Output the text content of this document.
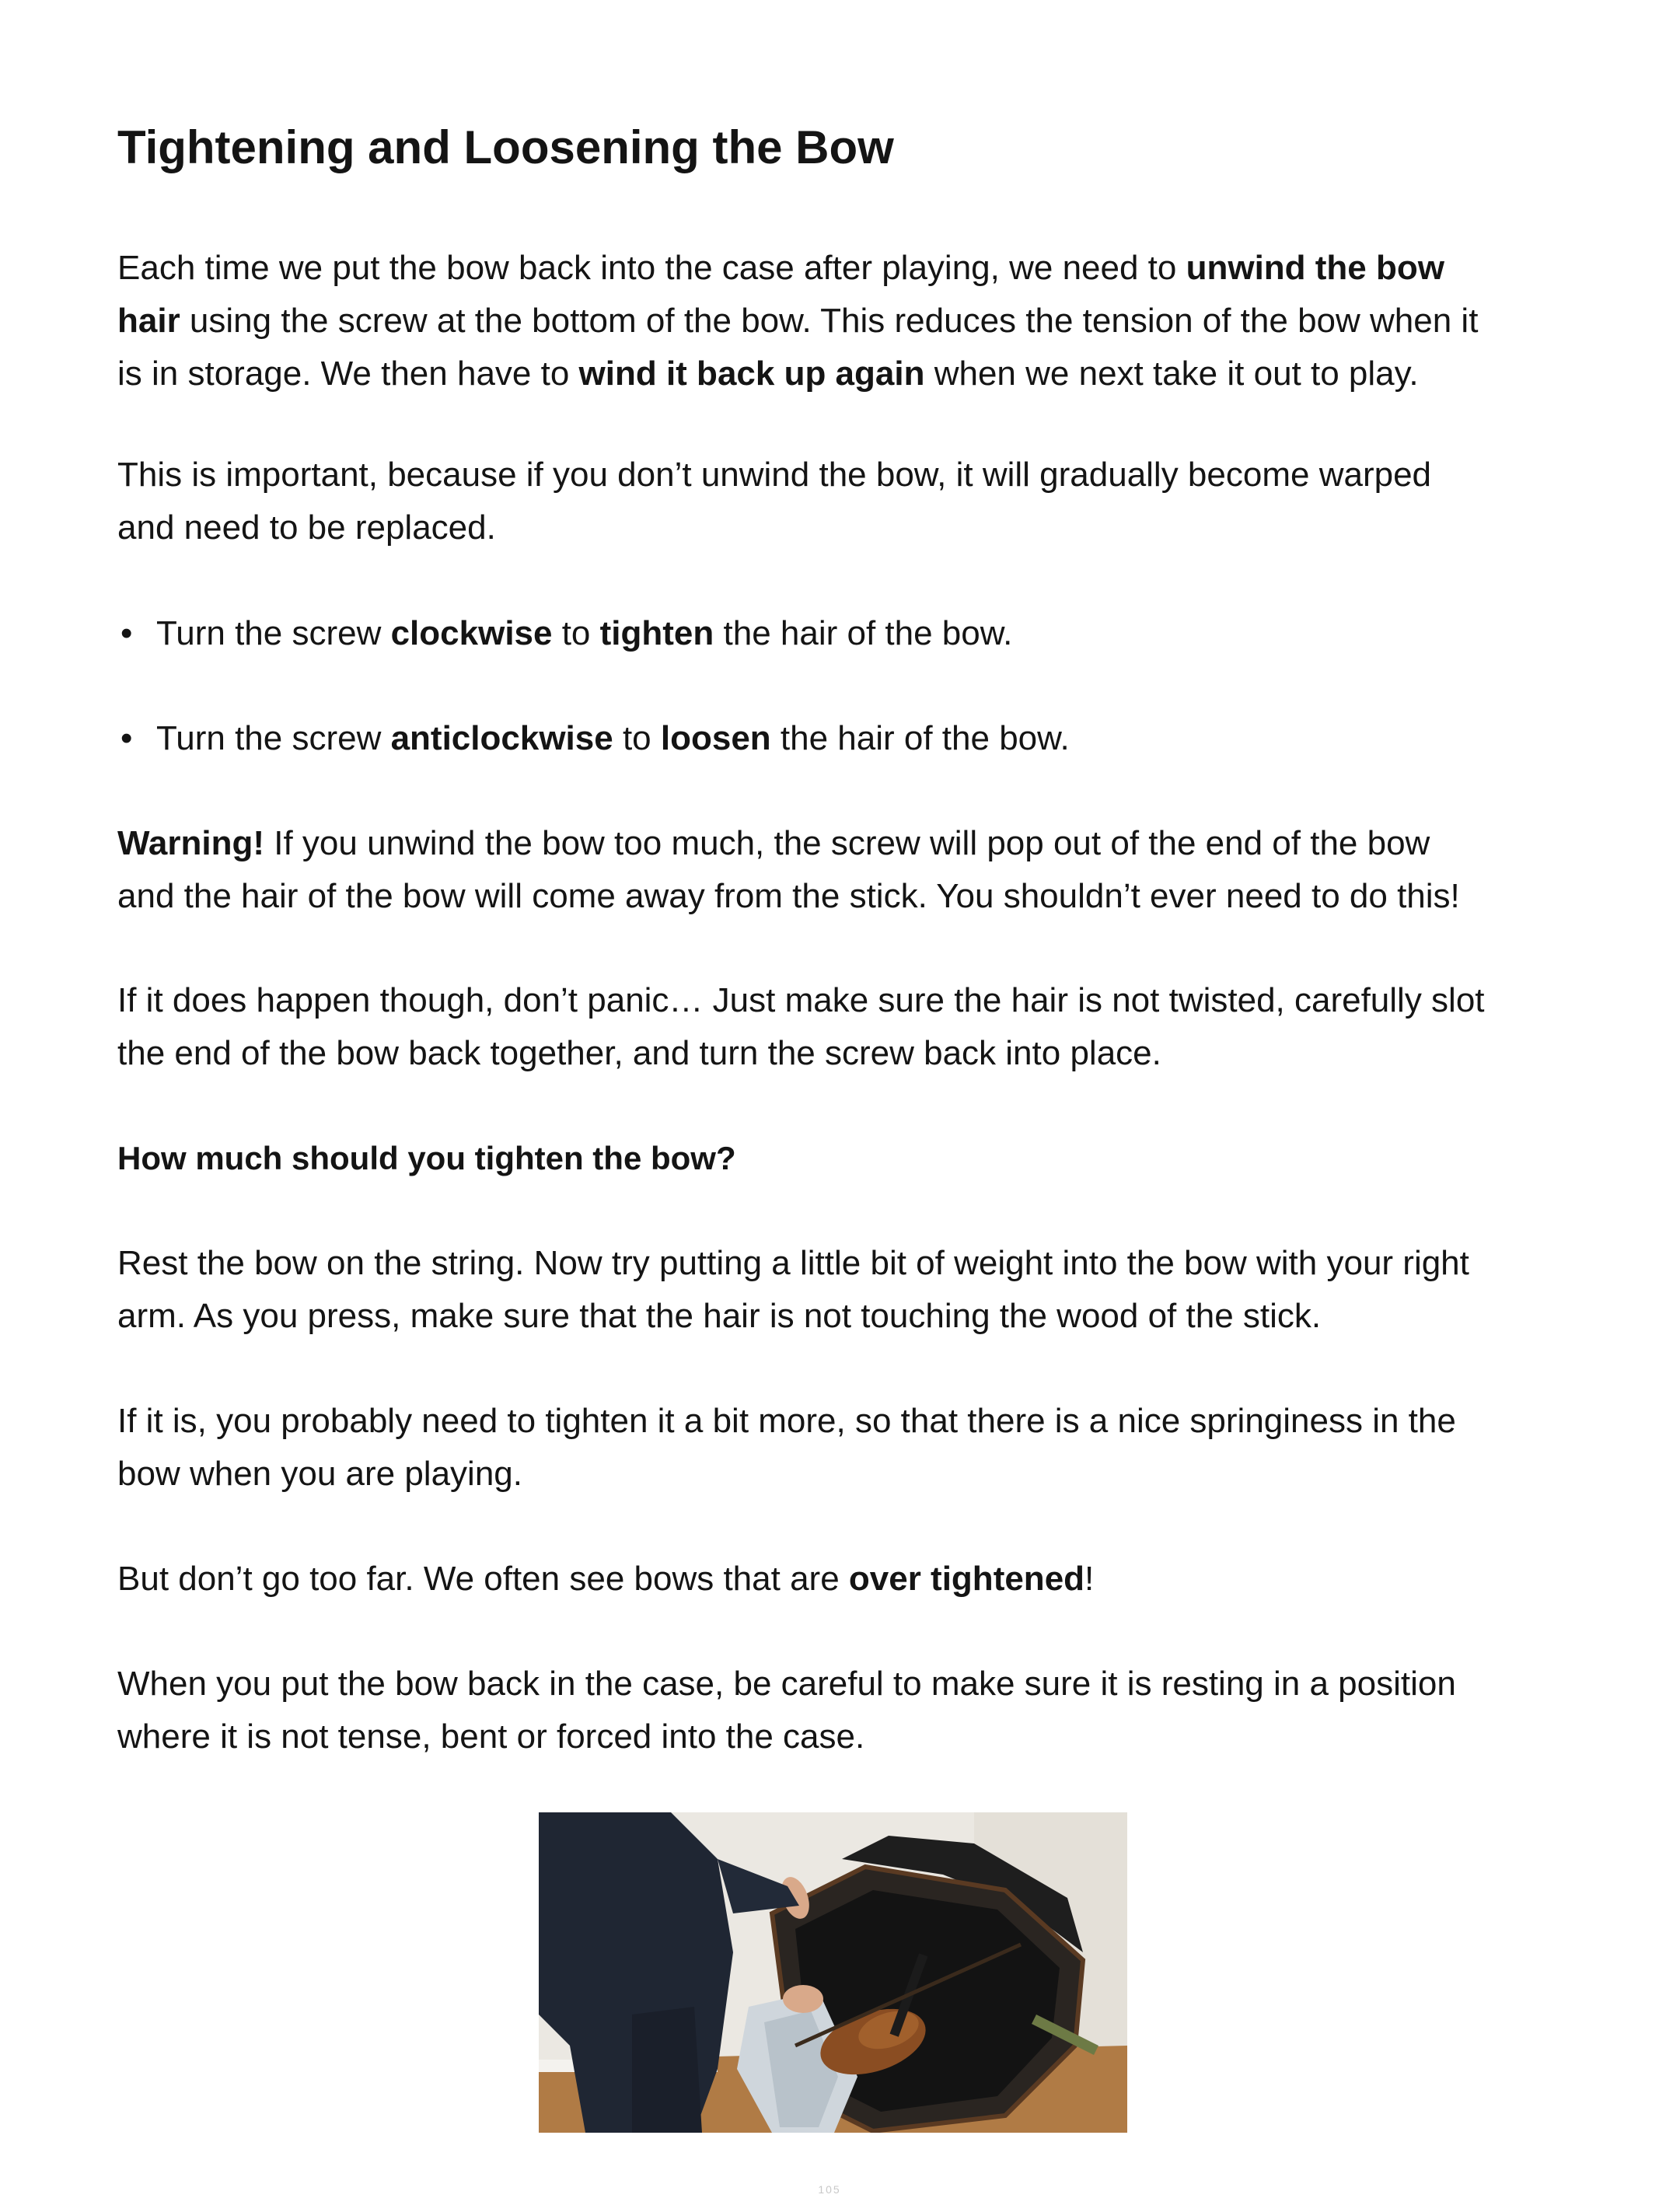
Tightening and Loosening the Bow
Each time we put the bow back into the case after playing, we need to unwind the bow
hair using the screw at the bottom of the bow. This reduces the tension of the bow when it
is in storage. We then have to wind it back up again when we next take it out to play.
This is important, because if you don’t unwind the bow, it will gradually become warped
and need to be replaced.
• Turn the screw clockwise to tighten the hair of the bow.
• Turn the screw anticlockwise to loosen the hair of the bow.
Warning! If you unwind the bow too much, the screw will pop out of the end of the bow
and the hair of the bow will come away from the stick. You shouldn’t ever need to do this!
If it does happen though, don’t panic… Just make sure the hair is not twisted, carefully slot
the end of the bow back together, and turn the screw back into place.
How much should you tighten the bow?
Rest the bow on the string. Now try putting a little bit of weight into the bow with your right
arm. As you press, make sure that the hair is not touching the wood of the stick.
If it is, you probably need to tighten it a bit more, so that there is a nice springiness in the
bow when you are playing.
But don’t go too far. We often see bows that are over tightened!
When you put the bow back in the case, be careful to make sure it is resting in a position
where it is not tense, bent or forced into the case.
105
